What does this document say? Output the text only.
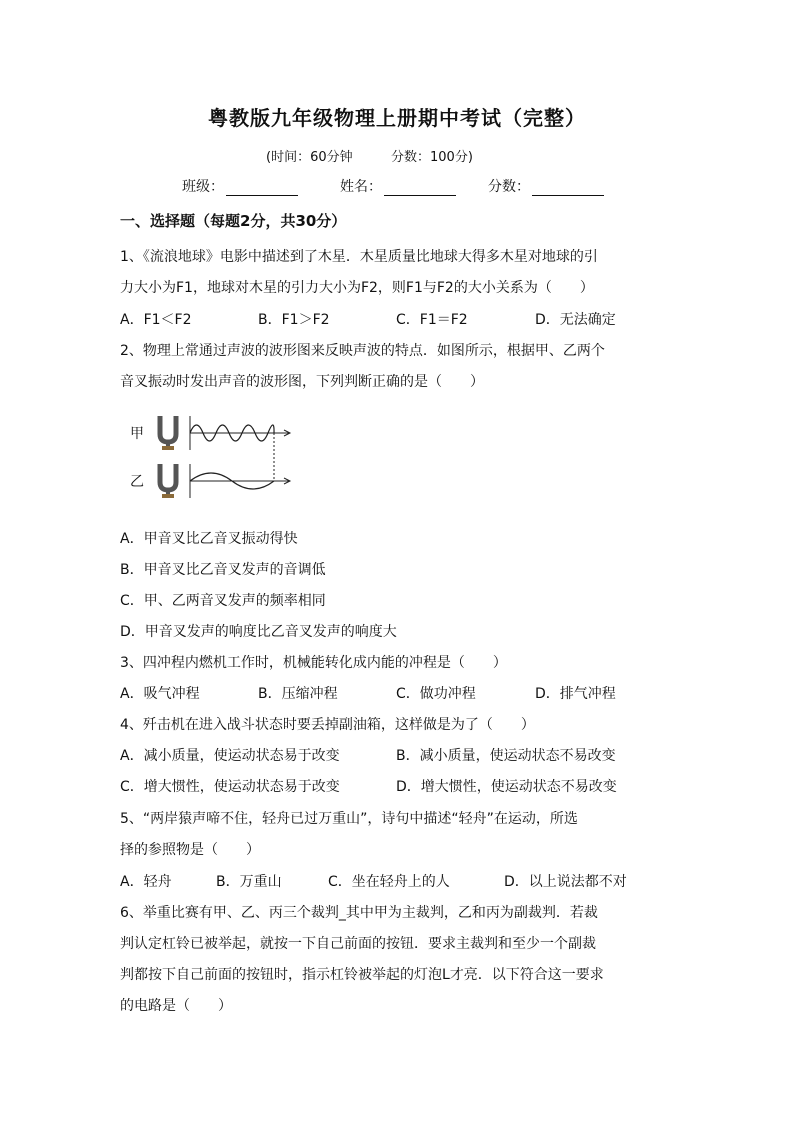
粤教版九年级物理上册期中考试（完整）
(时间：60分钟	分数：100分)
班级：	姓名：	分数：
一、选择题（每题2分，共30分）
1、《流浪地球》电影中描述到了木星．木星质量比地球大得多木星对地球的引
力大小为F1，地球对木星的引力大小为F2，则F1与F2的大小关系为（　　）
A．F1＜F2	B．F1＞F2	C．F1＝F2	D．无法确定
2、物理上常通过声波的波形图来反映声波的特点．如图所示，根据甲、乙两个
音叉振动时发出声音的波形图，下列判断正确的是（　　）
甲
乙
A．甲音叉比乙音叉振动得快
B．甲音叉比乙音叉发声的音调低
C．甲、乙两音叉发声的频率相同
D．甲音叉发声的响度比乙音叉发声的响度大
3、四冲程内燃机工作时，机械能转化成内能的冲程是（　　）
A．吸气冲程	B．压缩冲程	C．做功冲程	D．排气冲程
4、歼击机在进入战斗状态时要丢掉副油箱，这样做是为了（　　）
A．减小质量，使运动状态易于改变	B．减小质量，使运动状态不易改变
C．增大惯性，使运动状态易于改变	D．增大惯性，使运动状态不易改变
5、“两岸猿声啼不住，轻舟已过万重山”，诗句中描述“轻舟”在运动，所选
择的参照物是（　　）
A．轻舟	B．万重山	C．坐在轻舟上的人	D．以上说法都不对
6、举重比赛有甲、乙、丙三个裁判_其中甲为主裁判，乙和丙为副裁判．若裁
判认定杠铃已被举起，就按一下自己前面的按钮．要求主裁判和至少一个副裁
判都按下自己前面的按钮时，指示杠铃被举起的灯泡L才亮．以下符合这一要求
的电路是（　　）
